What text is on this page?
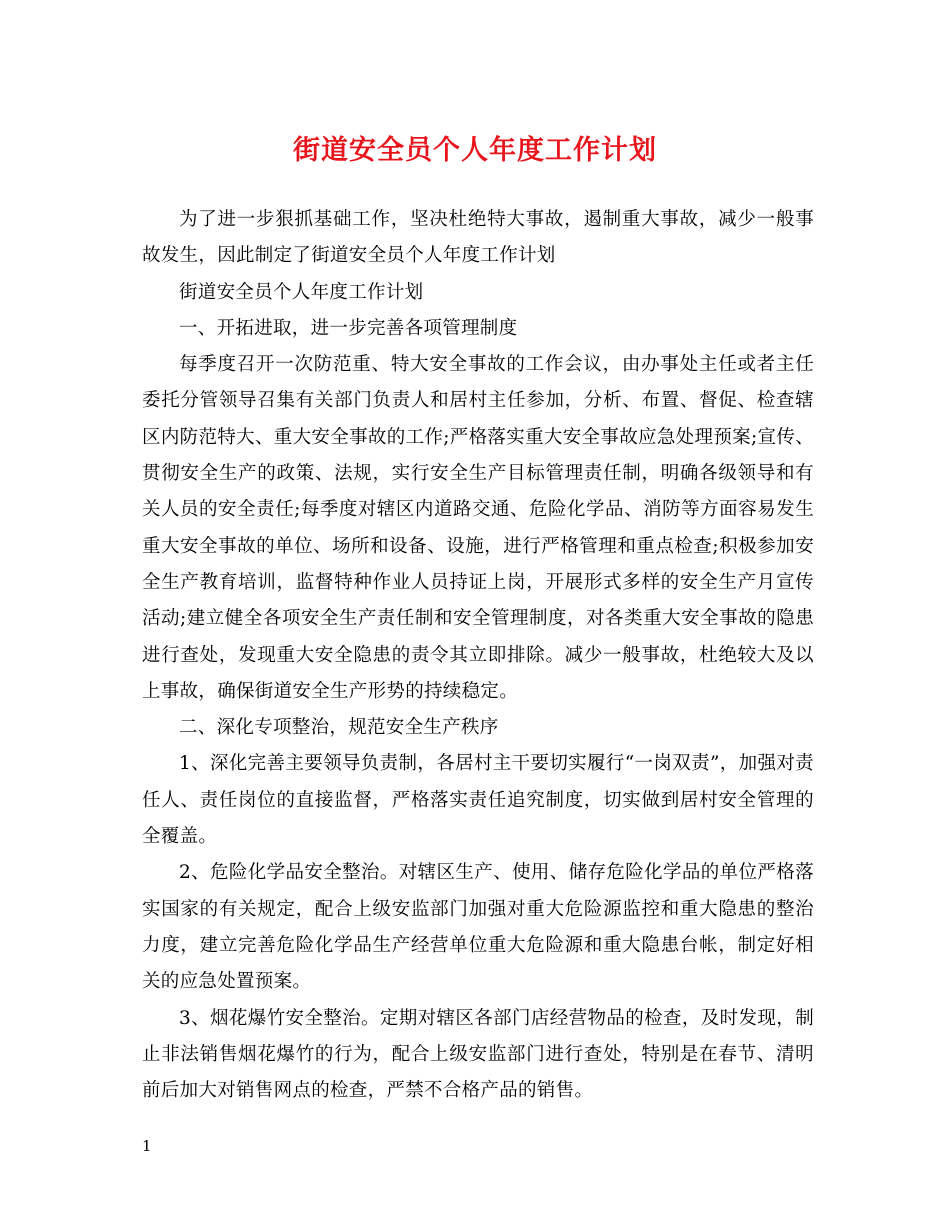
街道安全员个人年度工作计划

为了进一步狠抓基础工作，坚决杜绝特大事故，遏制重大事故，减少一般事故发生，因此制定了街道安全员个人年度工作计划

街道安全员个人年度工作计划

一、开拓进取，进一步完善各项管理制度

每季度召开一次防范重、特大安全事故的工作会议，由办事处主任或者主任委托分管领导召集有关部门负责人和居村主任参加，分析、布置、督促、检查辖区内防范特大、重大安全事故的工作;严格落实重大安全事故应急处理预案;宣传、贯彻安全生产的政策、法规，实行安全生产目标管理责任制，明确各级领导和有关人员的安全责任;每季度对辖区内道路交通、危险化学品、消防等方面容易发生重大安全事故的单位、场所和设备、设施，进行严格管理和重点检查;积极参加安全生产教育培训，监督特种作业人员持证上岗，开展形式多样的安全生产月宣传活动;建立健全各项安全生产责任制和安全管理制度，对各类重大安全事故的隐患进行查处，发现重大安全隐患的责令其立即排除。减少一般事故，杜绝较大及以上事故，确保街道安全生产形势的持续稳定。

二、深化专项整治，规范安全生产秩序

1、深化完善主要领导负责制，各居村主干要切实履行“一岗双责”，加强对责任人、责任岗位的直接监督，严格落实责任追究制度，切实做到居村安全管理的全覆盖。

2、危险化学品安全整治。对辖区生产、使用、储存危险化学品的单位严格落实国家的有关规定，配合上级安监部门加强对重大危险源监控和重大隐患的整治力度，建立完善危险化学品生产经营单位重大危险源和重大隐患台帐，制定好相关的应急处置预案。

3、烟花爆竹安全整治。定期对辖区各部门店经营物品的检查，及时发现，制止非法销售烟花爆竹的行为，配合上级安监部门进行查处，特别是在春节、清明前后加大对销售网点的检查，严禁不合格产品的销售。

1
